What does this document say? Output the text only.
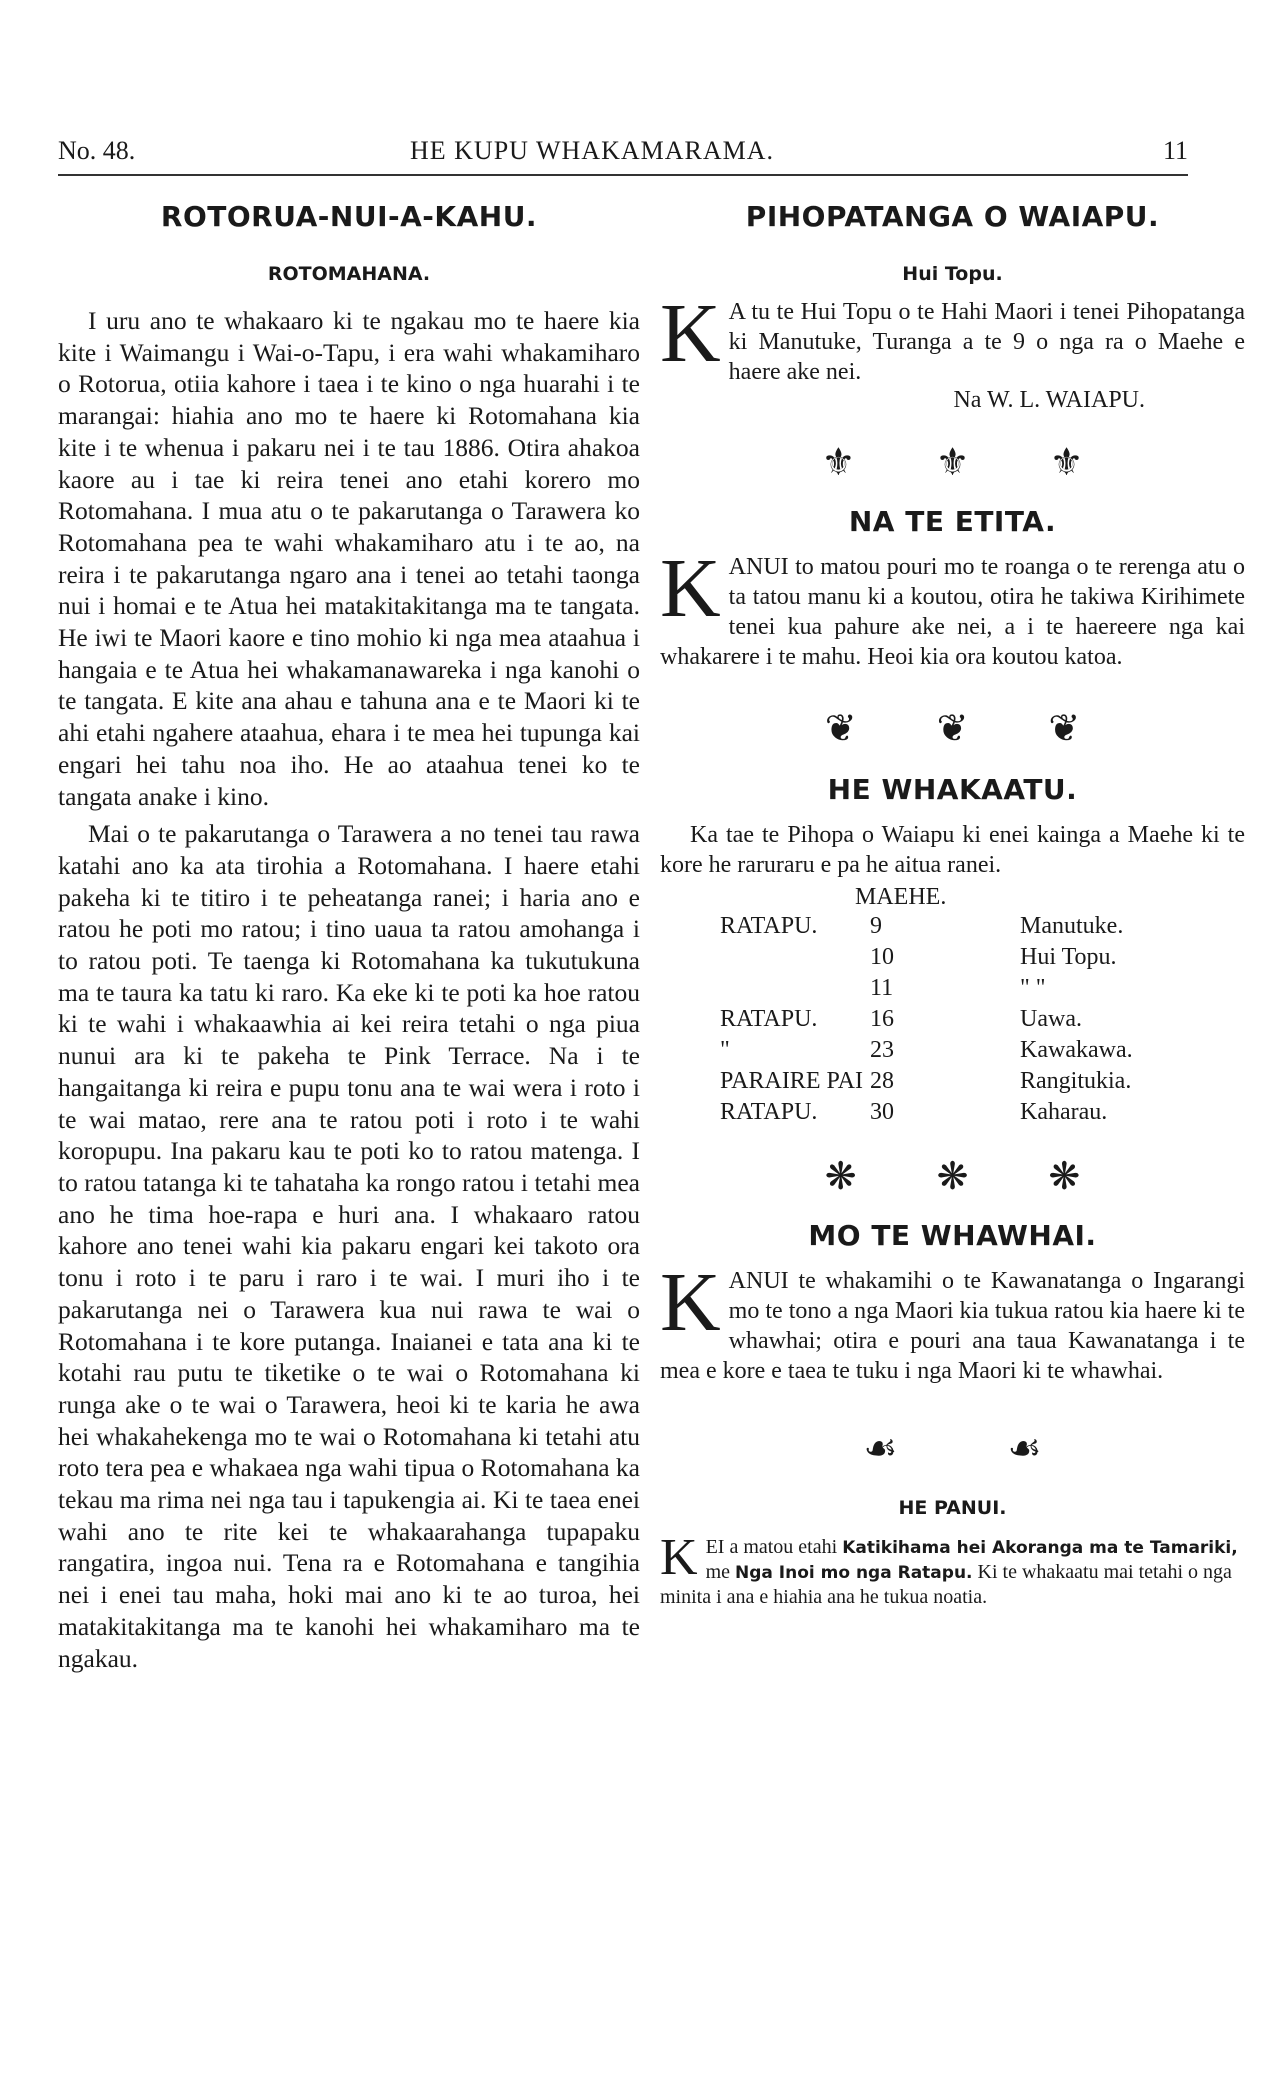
No. 48.	HE KUPU WHAKAMARAMA.	11
ROTORUA-NUI-A-KAHU.
ROTOMAHANA.

I uru ano te whakaaro ki te ngakau mo te haere kia kite i Waimangu i Wai-o-Tapu, i era wahi whakamiharo o Rotorua, otiia kahore i taea i te kino o nga huarahi i te marangai: hiahia ano mo te haere ki Rotomahana kia kite i te whenua i pakaru nei i te tau 1886. Otira ahakoa kaore au i tae ki reira tenei ano etahi korero mo Rotomahana. I mua atu o te pakarutanga o Tarawera ko Rotomahana pea te wahi whakamiharo atu i te ao, na reira i te pakarutanga ngaro ana i tenei ao tetahi taonga nui i homai e te Atua hei matakitakitanga ma te tangata. He iwi te Maori kaore e tino mohio ki nga mea ataahua i hangaia e te Atua hei whakamanawareka i nga kanohi o te tangata. E kite ana ahau e tahuna ana e te Maori ki te ahi etahi ngahere ataahua, ehara i te mea hei tupunga kai engari hei tahu noa iho. He ao ataahua tenei ko te tangata anake i kino.

Mai o te pakarutanga o Tarawera a no tenei tau rawa katahi ano ka ata tirohia a Rotomahana. I haere etahi pakeha ki te titiro i te peheatanga ranei; i haria ano e ratou he poti mo ratou; i tino uaua ta ratou amohanga i to ratou poti. Te taenga ki Rotomahana ka tukutukuna ma te taura ka tatu ki raro. Ka eke ki te poti ka hoe ratou ki te wahi i whakaawhia ai kei reira tetahi o nga piua nunui ara ki te pakeha te Pink Terrace. Na i te hangaitanga ki reira e pupu tonu ana te wai wera i roto i te wai matao, rere ana te ratou poti i roto i te wahi koropupu. Ina pakaru kau te poti ko to ratou matenga. I to ratou tatanga ki te tahataha ka rongo ratou i tetahi mea ano he tima hoe-rapa e huri ana. I whakaaro ratou kahore ano tenei wahi kia pakaru engari kei takoto ora tonu i roto i te paru i raro i te wai. I muri iho i te pakarutanga nei o Tarawera kua nui rawa te wai o Rotomahana i te kore putanga. Inaianei e tata ana ki te kotahi rau putu te tiketike o te wai o Rotomahana ki runga ake o te wai o Tarawera, heoi ki te karia he awa hei whakahekenga mo te wai o Rotomahana ki tetahi atu roto tera pea e whakaea nga wahi tipua o Rotomahana ka tekau ma rima nei nga tau i tapukengia ai. Ki te taea enei wahi ano te rite kei te whakaarahanga tupapaku rangatira, ingoa nui. Tena ra e Rotomahana e tangihia nei i enei tau maha, hoki mai ano ki te ao turoa, hei matakitakitanga ma te kanohi hei whakamiharo ma te ngakau.

PIHOPATANGA O WAIAPU.
Hui Topu.

K A tu te Hui Topu o te Hahi Maori i tenei Pihopatanga ki Manutuke, Turanga a te 9 o nga ra o Maehe e haere ake nei.

Na W. L. WAIAPU.

⚜ ⚜ ⚜
NA TE ETITA.

KANUI to matou pouri mo te roanga o te rerenga atu o ta tatou manu ki a koutou, otira he takiwa Kirihimete tenei kua pahure ake nei, a i te haereere nga kai whakarere i te mahu. Heoi kia ora koutou katoa.

❦ ❦ ❦
HE WHAKAATU.

Ka tae te Pihopa o Waiapu ki enei kainga a Maehe ki te kore he raruraru e pa he aitua ranei.

MAEHE.

RATAPU.	9	Manutuke.
	10	Hui Topu.
	11	" "
RATAPU.	16	Uawa.
"	23	Kawakawa.
PARAIRE PAI	28	Rangitukia.
RATAPU.	30	Kaharau.
❋ ❋ ❋
MO TE WHAWHAI.

KANUI te whakamihi o te Kawanatanga o Ingarangi mo te tono a nga Maori kia tukua ratou kia haere ki te whawhai; otira e pouri ana taua Kawanatanga i te mea e kore e taea te tuku i nga Maori ki te whawhai.

☙	☙
HE PANUI.

KEI a matou etahi Katikihama hei Akoranga ma te Tamariki, me Nga Inoi mo nga Ratapu. Ki te whakaatu mai tetahi o nga minita i ana e hiahia ana he tukua noatia.
